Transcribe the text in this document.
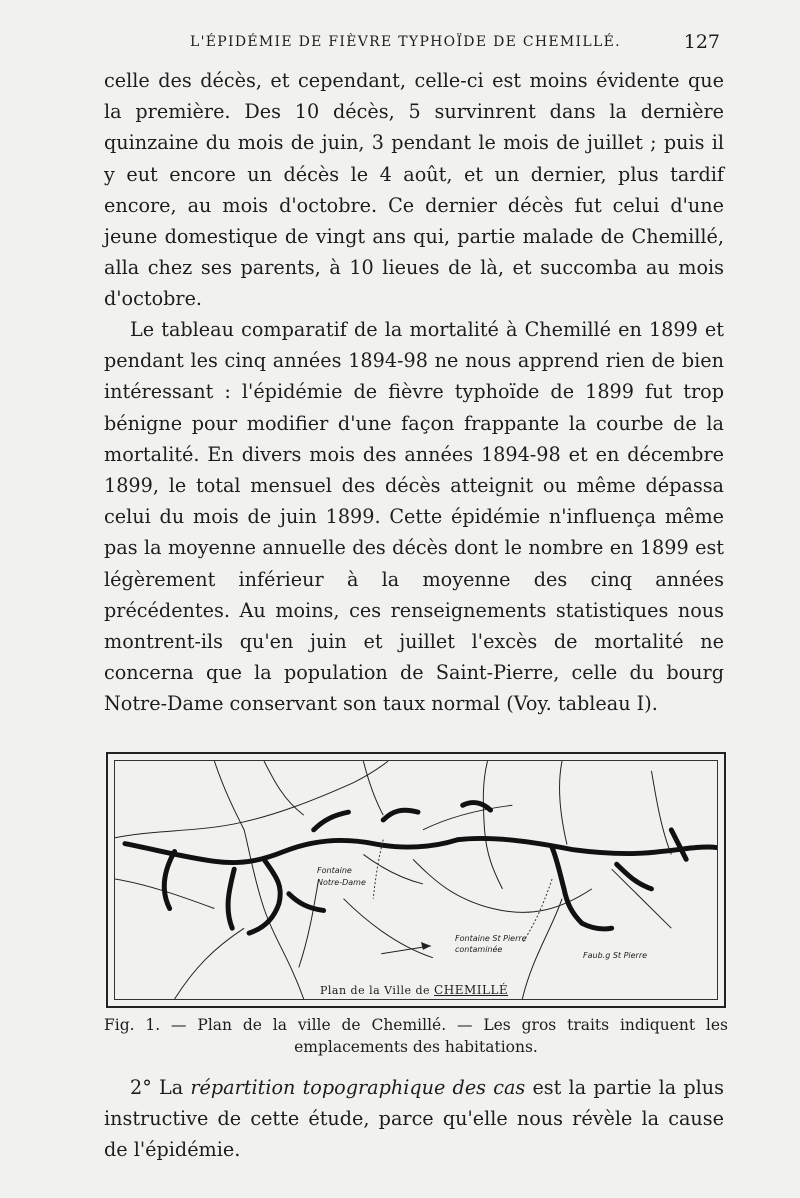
L'ÉPIDÉMIE DE FIÈVRE TYPHOÏDE DE CHEMILLÉ.	127

celle des décès, et cependant, celle-ci est moins évidente que la première. Des 10 décès, 5 survinrent dans la dernière quinzaine du mois de juin, 3 pendant le mois de juillet ; puis il y eut encore un décès le 4 août, et un dernier, plus tardif encore, au mois d'octobre. Ce dernier décès fut celui d'une jeune domestique de vingt ans qui, partie malade de Chemillé, alla chez ses parents, à 10 lieues de là, et succomba au mois d'octobre.

Le tableau comparatif de la mortalité à Chemillé en 1899 et pendant les cinq années 1894-98 ne nous apprend rien de bien intéressant : l'épidémie de fièvre typhoïde de 1899 fut trop bénigne pour modifier d'une façon frappante la courbe de la mortalité. En divers mois des années 1894-98 et en décembre 1899, le total mensuel des décès atteignit ou même dépassa celui du mois de juin 1899. Cette épidémie n'influença même pas la moyenne annuelle des décès dont le nombre en 1899 est légèrement inférieur à la moyenne des cinq années précédentes. Au moins, ces renseignements statistiques nous montrent-ils qu'en juin et juillet l'excès de mortalité ne concerna que la population de Saint-Pierre, celle du bourg Notre-Dame conservant son taux normal (Voy. tableau I).

Fontaine
Notre-Dame
Fontaine St Pierre
contaminée
Faub.g St Pierre
Plan de la Ville de CHEMILLÉ
Fig. 1. — Plan de la ville de Chemillé. — Les gros traits indiquent les
emplacements des habitations.

2° La répartition topographique des cas est la partie la plus instructive de cette étude, parce qu'elle nous révèle la cause de l'épidémie.
